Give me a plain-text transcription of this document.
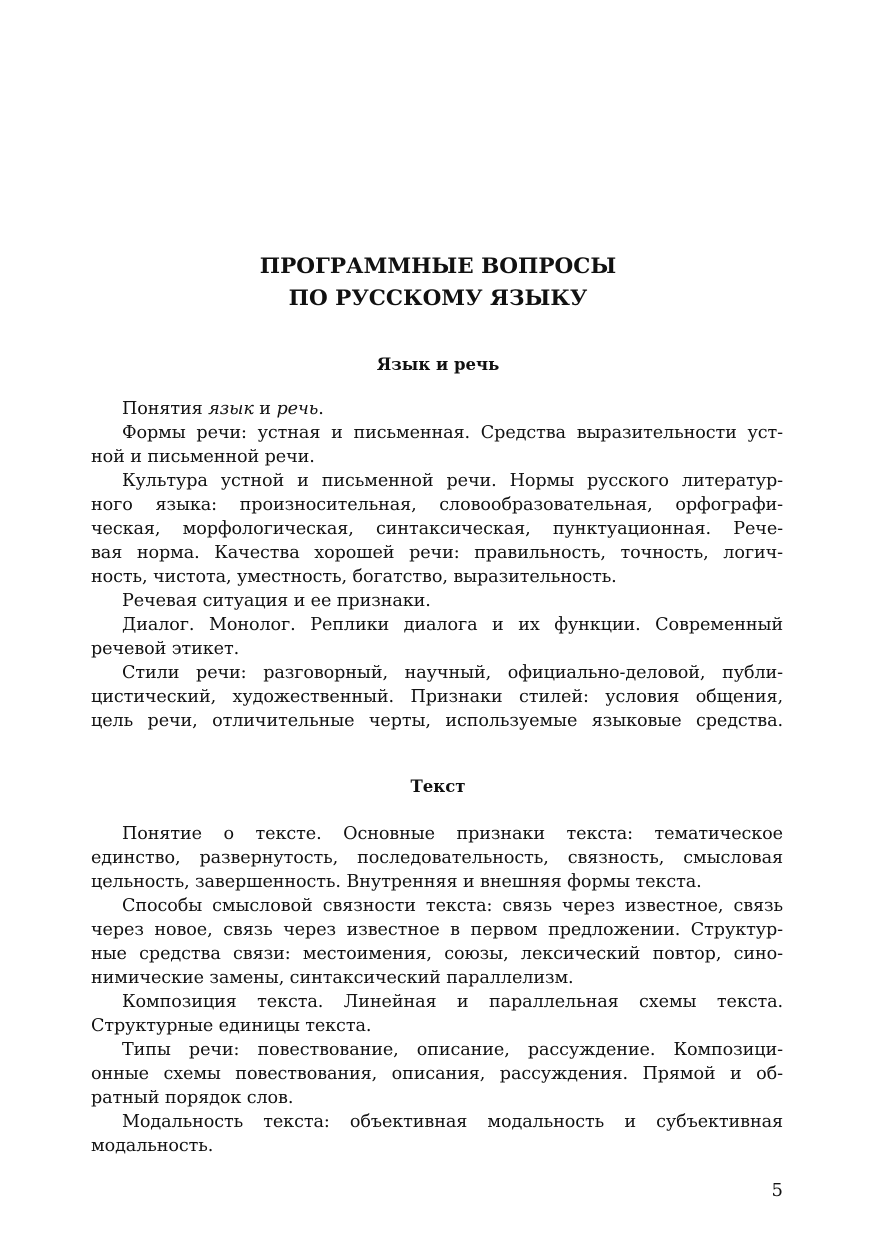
ПРОГРАММНЫЕ ВОПРОСЫ
ПО РУССКОМУ ЯЗЫКУ
Язык и речь
Понятия язык и речь.
Формы речи: устная и письменная. Средства выразительности уст-
ной и письменной речи.
Культура устной и письменной речи. Нормы русского литератур-
ного языка: произносительная, словообразовательная, орфографи-
ческая, морфологическая, синтаксическая, пунктуационная. Рече-
вая норма. Качества хорошей речи: правильность, точность, логич-
ность, чистота, уместность, богатство, выразительность.
Речевая ситуация и ее признаки.
Диалог. Монолог. Реплики диалога и их функции. Современный
речевой этикет.
Стили речи: разговорный, научный, официально-деловой, публи-
цистический, художественный. Признаки стилей: условия общения,
цель речи, отличительные черты, используемые языковые средства.
Текст
Понятие о тексте. Основные признаки текста: тематическое
единство, развернутость, последовательность, связность, смысловая
цельность, завершенность. Внутренняя и внешняя формы текста.
Способы смысловой связности текста: связь через известное, связь
через новое, связь через известное в первом предложении. Структур-
ные средства связи: местоимения, союзы, лексический повтор, сино-
нимические замены, синтаксический параллелизм.
Композиция текста. Линейная и параллельная схемы текста.
Структурные единицы текста.
Типы речи: повествование, описание, рассуждение. Композици-
онные схемы повествования, описания, рассуждения. Прямой и об-
ратный порядок слов.
Модальность текста: объективная модальность и субъективная
модальность.
5
